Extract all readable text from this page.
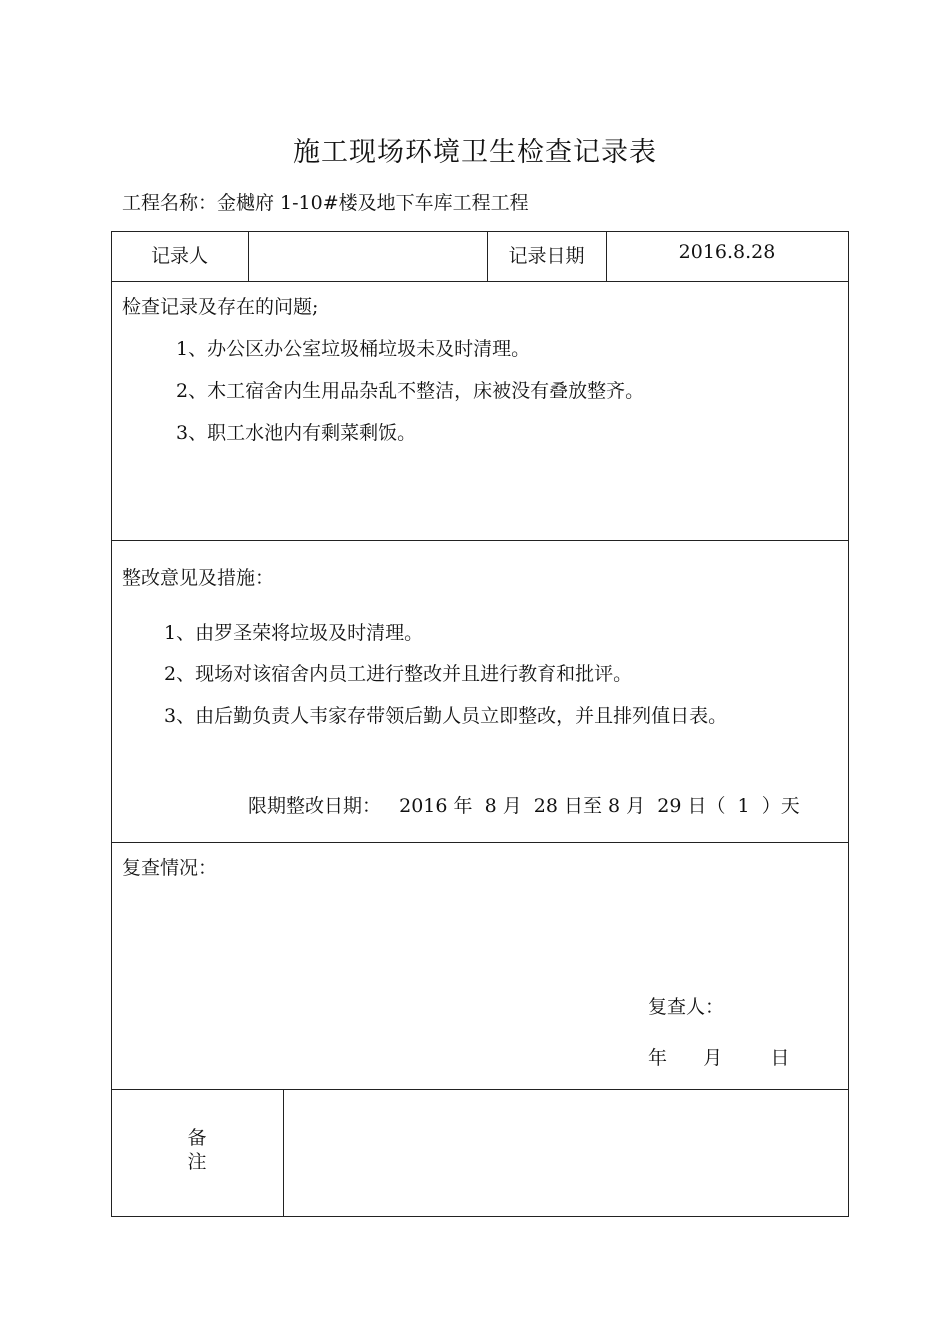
施工现场环境卫生检查记录表
工程名称：金樾府 1-10#楼及地下车库工程工程
记录人	记录日期	2016.8.28
检查记录及存在的问题;
1、办公区办公室垃圾桶垃圾未及时清理。
2、木工宿舍内生用品杂乱不整洁，床被没有叠放整齐。
3、职工水池内有剩菜剩饭。
整改意见及措施：
1、由罗圣荣将垃圾及时清理。
2、现场对该宿舍内员工进行整改并且进行教育和批评。
3、由后勤负责人韦家存带领后勤人员立即整改，并且排列值日表。
限期整改日期：   2016 年  8 月  28 日至 8 月  29 日（  1  ）天
复查情况：
复查人：
年      月        日
备
注
